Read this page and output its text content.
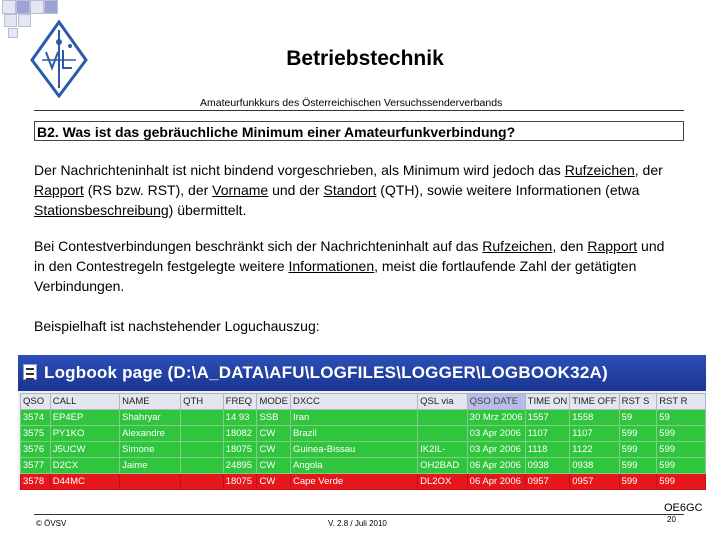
Betriebstechnik
Amateurfunkkurs des Österreichischen Versuchssenderverbands
B2. Was ist das gebräuchliche Minimum einer Amateurfunkverbindung?
Der Nachrichteninhalt ist nicht bindend vorgeschrieben, als Minimum wird jedoch das Rufzeichen, der Rapport (RS bzw. RST), der Vorname und der Standort (QTH), sowie weitere Informationen (etwa Stationsbeschreibung) übermittelt.
Bei Contestverbindungen beschränkt sich der Nachrichteninhalt auf das Rufzeichen, den Rapport und in den Contestregeln festgelegte weitere Informationen, meist die fortlaufende Zahl der getätigten Verbindungen.
Beispielhaft ist nachstehender Loguchauszug:
Logbook page (D:\A_DATA\AFU\LOGFILES\LOGGER\LOGBOOK32A)
QSO	CALL	NAME	QTH	FREQ	MODE	DXCC	QSL via	QSO DATE	TIME ON	TIME OFF	RST S	RST R
3574	EP4EP	Shahryar		14 93	SSB	Iran		30 Mrz 2006	1557	1558	59	59
3575	PY1KO	Alexandre		18082	CW	Brazil		03 Apr 2006	1107	1107	599	599
3576	J5UCW	Simone		18075	CW	Guinea-Bissau	IK2IL-	03 Apr 2006	1118	1122	599	599
3577	D2CX	Jaime		24895	CW	Angola	OH2BAD	06 Apr 2006	0938	0938	599	599
3578	D44MC			18075	CW	Cape Verde	DL2OX	06 Apr 2006	0957	0957	599	599
OE6GC
© ÖVSV	V. 2.8 / Juli 2010	20
